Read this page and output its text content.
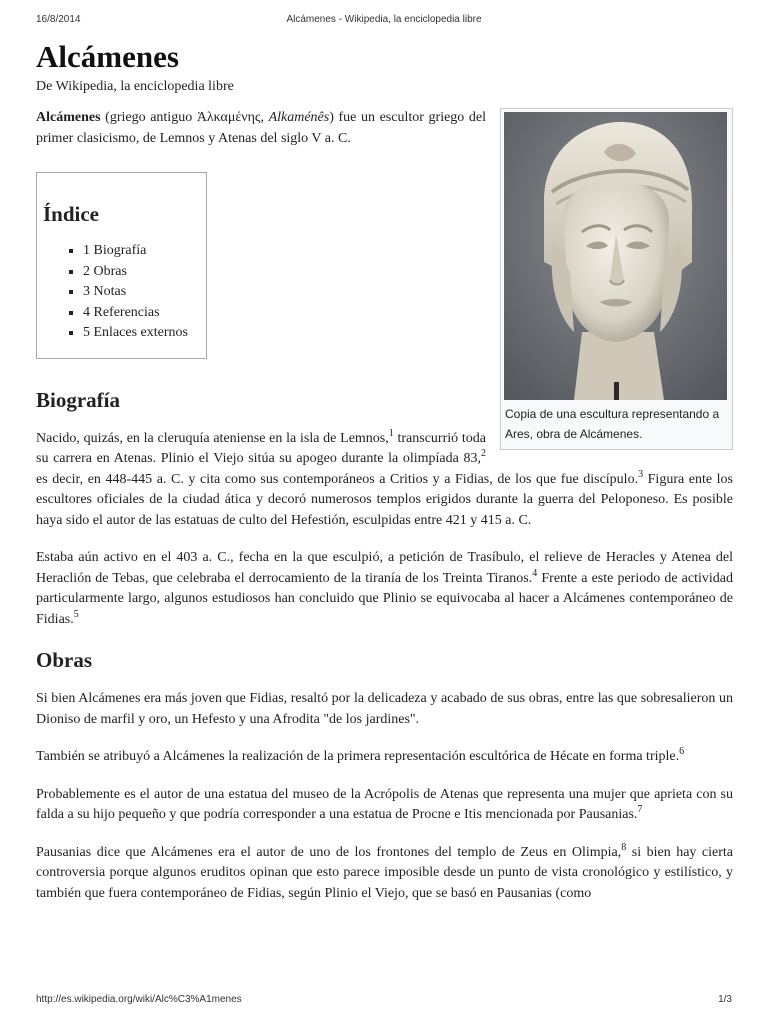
16/8/2014	Alcámenes - Wikipedia, la enciclopedia libre
Alcámenes
De Wikipedia, la enciclopedia libre
Copia de una escultura representando a Ares, obra de Alcámenes.

Alcámenes (griego antiguo Ἀλκαμένης, Alkaménês) fue un escultor griego del primer clasicismo, de Lemnos y Atenas del siglo V a. C.

Índice
▪ 1 Biografía
▪ 2 Obras
▪ 3 Notas
▪ 4 Referencias
▪ 5 Enlaces externos
Biografía

Nacido, quizás, en la cleruquía ateniense en la isla de Lemnos,$^1$ transcurrió toda su carrera en Atenas. Plinio el Viejo sitúa su apogeo durante la olimpíada 83,$^2$ es decir, en 448-445 a. C. y cita como sus contemporáneos a Critios y a Fidias, de los que fue discípulo.$^3$ Figura ente los escultores oficiales de la ciudad ática y decoró numerosos templos erigidos durante la guerra del Peloponeso. Es posible haya sido el autor de las estatuas de culto del Hefestión, esculpidas entre 421 y 415 a. C.

Estaba aún activo en el 403 a. C., fecha en la que esculpió, a petición de Trasíbulo, el relieve de Heracles y Atenea del Heraclión de Tebas, que celebraba el derrocamiento de la tiranía de los Treinta Tiranos.$^4$ Frente a este periodo de actividad particularmente largo, algunos estudiosos han concluido que Plinio se equivocaba al hacer a Alcámenes contemporáneo de Fidias.$^5$

Obras

Si bien Alcámenes era más joven que Fidias, resaltó por la delicadeza y acabado de sus obras, entre las que sobresalieron un Dioniso de marfil y oro, un Hefesto y una Afrodita "de los jardines".

También se atribuyó a Alcámenes la realización de la primera representación escultórica de Hécate en forma triple.$^6$

Probablemente es el autor de una estatua del museo de la Acrópolis de Atenas que representa una mujer que aprieta con su falda a su hijo pequeño y que podría corresponder a una estatua de Procne e Itis mencionada por Pausanias.$^7$

Pausanias dice que Alcámenes era el autor de uno de los frontones del templo de Zeus en Olimpia,$^8$ si bien hay cierta controversia porque algunos eruditos opinan que esto parece imposible desde un punto de vista cronológico y estilístico, y también que fuera contemporáneo de Fidias, según Plinio el Viejo, que se basó en Pausanias (como

http://es.wikipedia.org/wiki/Alc%C3%A1menes	1/3
